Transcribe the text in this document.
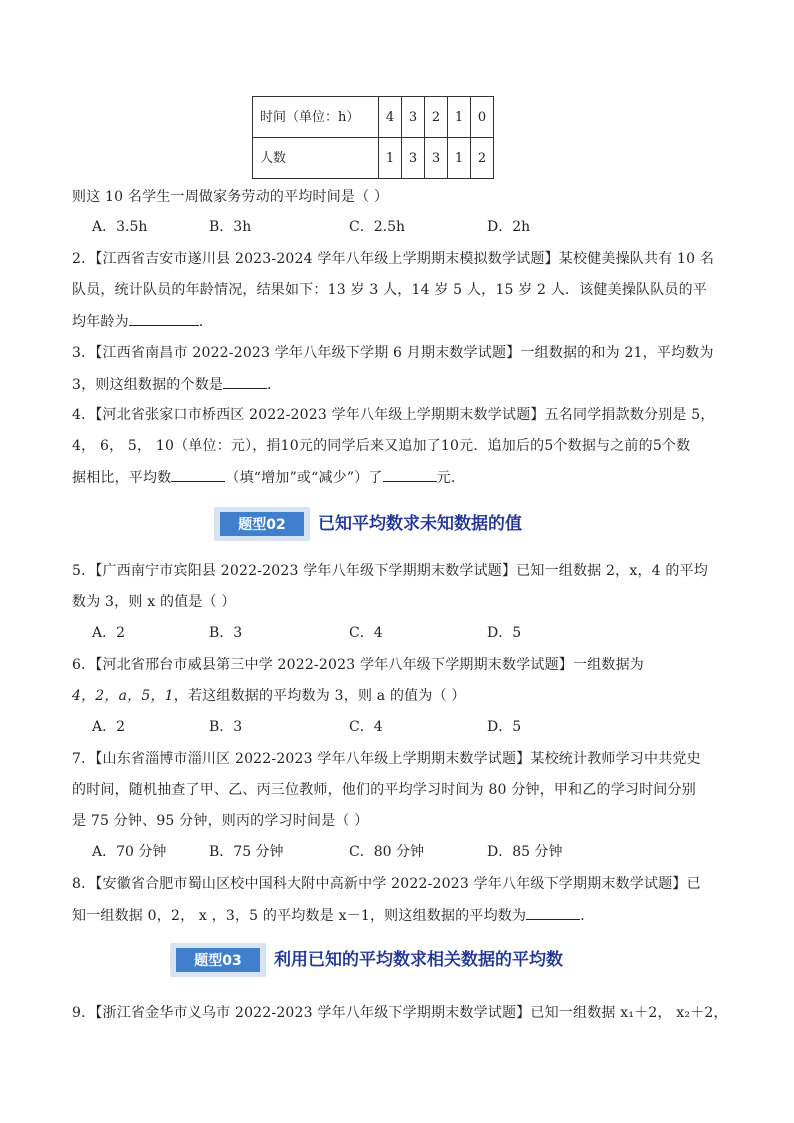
时间（单位：h）	4	3	2	1	0
人数	1	3	3	1	2
则这 10 名学生一周做家务劳动的平均时间是（ ）
A．3.5h	B．3h	C．2.5h	D．2h
2．【江西省吉安市遂川县 2023-2024 学年八年级上学期期末模拟数学试题】某校健美操队共有 10 名
队员，统计队员的年龄情况，结果如下：13 岁 3 人，14 岁 5 人，15 岁 2 人．该健美操队队员的平
均年龄为	．
3．【江西省南昌市 2022-2023 学年八年级下学期 6 月期末数学试题】一组数据的和为 21，平均数为
3，则这组数据的个数是	．
4．【河北省张家口市桥西区 2022-2023 学年八年级上学期期末数学试题】五名同学捐款数分别是 5，
4， 6， 5， 10（单位：元），捐10元的同学后来又追加了10元．追加后的5个数据与之前的5个数
据相比，平均数	（填“增加”或“减少”）了	元．
题型02	已知平均数求未知数据的值
5．【广西南宁市宾阳县 2022-2023 学年八年级下学期期末数学试题】已知一组数据 2，x，4 的平均
数为 3，则 x 的值是（ ）
A．2	B．3	C．4	D．5
6．【河北省邢台市威县第三中学 2022-2023 学年八年级下学期期末数学试题】一组数据为
4，2，a，5，1，若这组数据的平均数为 3，则 a 的值为（ ）
A．2	B．3	C．4	D．5
7．【山东省淄博市淄川区 2022-2023 学年八年级上学期期末数学试题】某校统计教师学习中共党史
的时间，随机抽查了甲、乙、丙三位教师，他们的平均学习时间为 80 分钟，甲和乙的学习时间分别
是 75 分钟、95 分钟，则丙的学习时间是（ ）
A．70 分钟	B．75 分钟	C．80 分钟	D．85 分钟
8．【安徽省合肥市蜀山区校中国科大附中高新中学 2022-2023 学年八年级下学期期末数学试题】已
知一组数据 0，2， x ，3，5 的平均数是 x－1，则这组数据的平均数为	．
题型03	利用已知的平均数求相关数据的平均数
9．【浙江省金华市义乌市 2022-2023 学年八年级下学期期末数学试题】已知一组数据 x₁＋2， x₂＋2，
